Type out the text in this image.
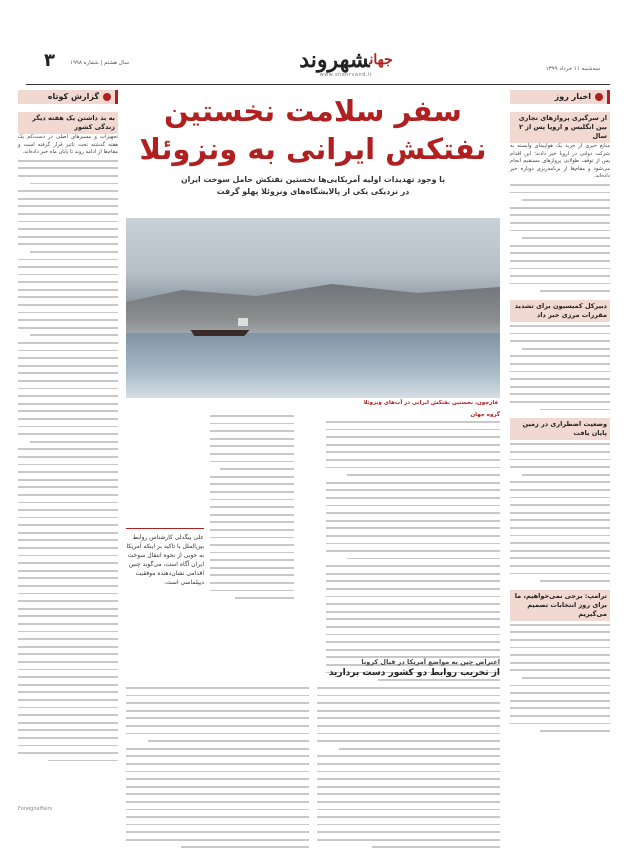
$^{جهان}$شهروند
www.shahrvand.ir
سه‌شنبه ۱۱ خرداد ۱۳۹۹
۳	سال هشتم | شماره ۱۹۹۸
اخبار روز
از سرگیری پروازهای تجاری بین انگلیس و اروپا پس از ۲ سال
منابع خبری از خرید یک هواپیمای وابسته به شرکت دولتی در اروپا خبر دادند؛ این اقدام پس از توقف طولانی پروازهای مستقیم انجام می‌شود و مقام‌ها از برنامه‌ریزی دوباره خبر داده‌اند.
دبیرکل کمیسیون برای تشدید مقررات مرزی خبر داد
وضعیت اضطراری در زمین پایان یافت
ترامپ: برجی نمی‌خواهیم، ما برای روز انتخابات تصمیم می‌گیریم
گزارش کوتاه
به بد داشتن یک هفته دیگر زندگی کشور
تجهیزات و مسیرهای اصلی در دست‌کم یک هفته گذشته تحت تاثیر قرار گرفته است و مقام‌ها از ادامه روند تا پایان ماه خبر داده‌اند.
Foreignaffairs
سفر سلامت نخستین
نفتکش ایرانی به ونزوئلا
با وجود تهدیدات اولیه آمریکایی‌ها نخستین نفتکش حامل سوخت ایران
در نزدیکی یکی از پالایشگاه‌های ونزوئلا پهلو گرفت
فارچون، نخستین نفتکش ایرانی در آب‌های ونزوئلا
گروه جهان
علی بیگدلی کارشناس روابط بین‌الملل با تاکید بر اینکه آمریکا به خوبی از نحوه انتقال سوخت ایران آگاه است، می‌گوید چنین اقدامی نشان‌دهنده موفقیت دیپلماسی است.
اعتراض چین به مواضع آمریکا در قبال کرونا
از تخریب روابط دو کشور دست بردارید
